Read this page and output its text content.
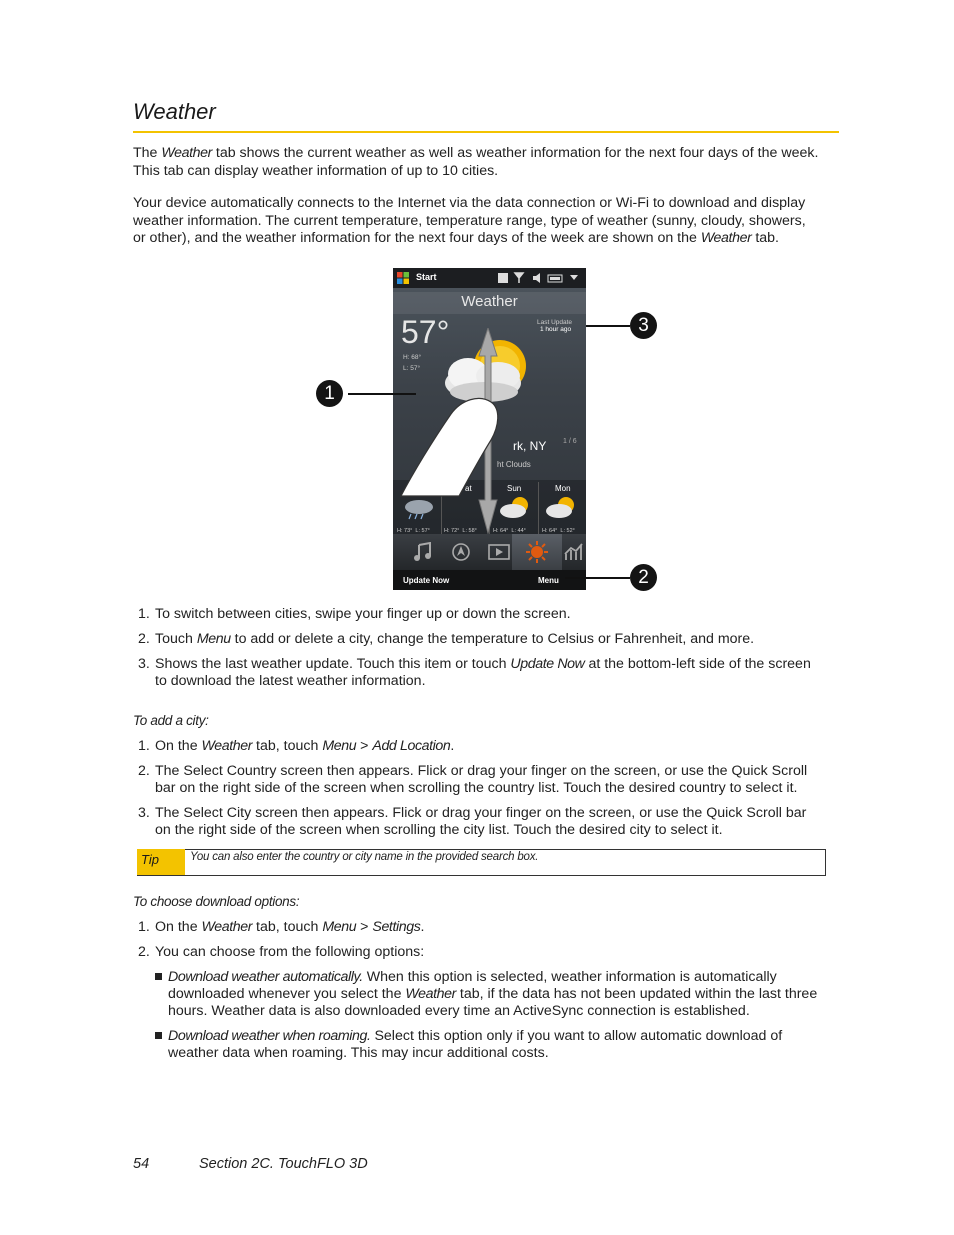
Weather
The Weather tab shows the current weather as well as weather information for the next four days of the week.
This tab can display weather information of up to 10 cities.
Your device automatically connects to the Internet via the data connection or Wi-Fi to download and display
weather information. The current temperature, temperature range, type of weather (sunny, cloudy, showers,
or other), and the weather information for the next four days of the week are shown on the Weather tab.
Start
Weather
Last Update
1 hour ago
57°
H: 68°
L: 57°
rk, NY
ht Clouds
1 / 6
at	Sun	Mon
H: 73° L: 57°	H: 72° L: 58°	H: 64° L: 44°	H: 64° L: 52°
Update Now	Menu
1
2
3
1. To switch between cities, swipe your finger up or down the screen.
2. Touch Menu to add or delete a city, change the temperature to Celsius or Fahrenheit, and more.
3. Shows the last weather update. Touch this item or touch Update Now at the bottom-left side of the screen
to download the latest weather information.
To add a city:
1. On the Weather tab, touch Menu > Add Location.
2. The Select Country screen then appears. Flick or drag your finger on the screen, or use the Quick Scroll
bar on the right side of the screen when scrolling the country list. Touch the desired country to select it.
3. The Select City screen then appears. Flick or drag your finger on the screen, or use the Quick Scroll bar
on the right side of the screen when scrolling the city list. Touch the desired city to select it.
Tip	You can also enter the country or city name in the provided search box.
To choose download options:
1. On the Weather tab, touch Menu > Settings.
2. You can choose from the following options:
Download weather automatically. When this option is selected, weather information is automatically
downloaded whenever you select the Weather tab, if the data has not been updated within the last three
hours. Weather data is also downloaded every time an ActiveSync connection is established.
Download weather when roaming. Select this option only if you want to allow automatic download of
weather data when roaming. This may incur additional costs.
54	Section 2C. TouchFLO 3D
